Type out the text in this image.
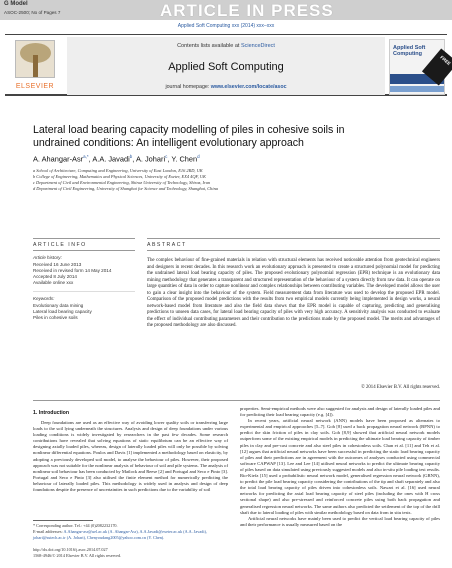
G Model
ASOC-2500; No of Pages 7	ARTICLE IN PRESS
Applied Soft Computing xxx (2014) xxx–xxx
ELSEVIER
Contents lists available at ScienceDirect
Applied Soft Computing
journal homepage: www.elsevier.com/locate/asoc
Applied Soft Computing
FREE
Lateral load bearing capacity modelling of piles in cohesive soils in
undrained conditions: An intelligent evolutionary approach
A. Ahangar-Asr$^{a,*}$, A.A. Javadi$^b$, A. Johari$^c$, Y. Chen$^d$
a School of Architecture, Computing and Engineering, University of East London, E16 2RD, UK
b College of Engineering, Mathematics and Physical Sciences, University of Exeter, EX4 4QF, UK
c Department of Civil and Environmental Engineering, Shiraz University of Technology, Shiraz, Iran
d Department of Civil Engineering, University of Shanghai for Science and Technology, Shanghai, China
ARTICLE INFO	ABSTRACT
Article history:
Received 16 June 2013
Received in revised form 14 May 2014
Accepted 8 July 2014
Available online xxx
Keywords:
Evolutionary data mining
Lateral load bearing capacity
Piles in cohesive soils
The complex behaviour of fine-grained materials in relation with structural elements has received noticeable attention from geotechnical engineers and designers in recent decades. In this research work an evolutionary approach is presented to create a structured polynomial model for predicting the undrained lateral load bearing capacity of piles. The proposed evolutionary polynomial regression (EPR) technique is an evolutionary data mining methodology that generates a transparent and structured representation of the behaviour of a system directly from raw data. It can operate on large quantities of data in order to capture nonlinear and complex relationships between contributing variables. The developed model allows the user to gain a clear insight into the behaviour of the system. Field measurement data from literature was used to develop the proposed EPR model. Comparison of the proposed model predictions with the results from two empirical models currently being implemented in design works, a neural network-based model from literature and also the field data shows that the EPR model is capable of capturing, predicting and generalising predictions to unseen data cases, for lateral load bearing capacity of piles with very high accuracy. A sensitivity analysis was conducted to evaluate the effect of individual contributing parameters and their contribution to the predictions made by the proposed model. The merits and advantages of the proposed methodology are also discussed.
© 2014 Elsevier B.V. All rights reserved.
1. Introduction
Deep foundations are used as an effective way of avoiding lower quality soils or transferring large loads to the soil lying underneath the structures. Analysis and design of deep foundations under various loading conditions is widely investigated by researchers in the past few decades. Some research contributions have revealed that solving equations of static equilibrium can be an effective way of designing axially loaded piles, whereas, design of laterally loaded piles will only be possible by solving nonlinear differential equations. Poulos and Davis [1] implemented a methodology based on elasticity, by adopting a previously developed soil model, to analyse the behaviour of piles. However, their proposed approach was not suitable for the nonlinear analysis of behaviour of soil and pile systems. The analysis of nonlinear soil behaviour has been conducted by Matlock and Reese [2] and Portugal and Seco e Pinto [3]. Portugal and Seco e Pinto [3] also utilised the finite element method for numerically predicting the behaviour of laterally loaded piles. This methodology is widely used in analysis and design of deep foundations despite the presence of uncertainties in such predictions due to the variability of soil
properties. Semi-empirical methods were also suggested for analysis and design of laterally loaded piles and for predicting their load bearing capacity (e.g. [4]).
In recent years, artificial neural network (ANN) models have been proposed as alternates to experimental and empirical approaches [5–7]. Goh [8] used a back propagation neural network (BPNN) to predict the skin friction of piles in clay soils. Goh [8,9] showed that artificial neural network models outperform some of the existing empirical models in predicting the ultimate load bearing capacity of timber piles in clay and pre-cast concrete and also steel piles in cohesionless soils. Chan et al. [11] and Teh et al. [12] argues that artificial neural networks have been successful in predicting the static load bearing capacity of piles and their predictions are in agreement with the outcomes of analyses conducted using commercial software CAPWAP [13]. Lee and Lee [14] utilised neural networks to predict the ultimate bearing capacity of piles based on data simulated using previously suggested models and also in-situ pile loading test results. Rio-Kiefa [15] used a probabilistic neural network model, generalised regression neural network (GRNN), to predict the pile load bearing capacity considering the contributions of the tip and shaft separately and also the total load bearing capacity of piles driven into cohesionless soils. Nawari et al. [16] used neural networks for predicting the axial load bearing capacity of steel piles (including the ones with H cross sectional shape) and also pre-stressed and reinforced concrete piles using both back propagation and generalised regression neural networks. The same authors also predicted the settlement of the top of the drill shaft due to lateral loading of piles with similar methodology based on data from in situ tests.
Artificial neural networks have mainly been used to predict the vertical load bearing capacity of piles and their performance is usually measured based on the
* Corresponding author. Tel.: +44 (0)2082232170.
E-mail addresses: A.Ahangar-asr@uel.ac.uk (A. Ahangar-Asr), A.A.Javadi@exeter.ac.uk (A.A. Javadi), johari@sutech.ac.ir (A. Johari), Chenyoudang2005@yahoo.com.cn (Y. Chen).
http://dx.doi.org/10.1016/j.asoc.2014.07.027
1568-4946/© 2014 Elsevier B.V. All rights reserved.
